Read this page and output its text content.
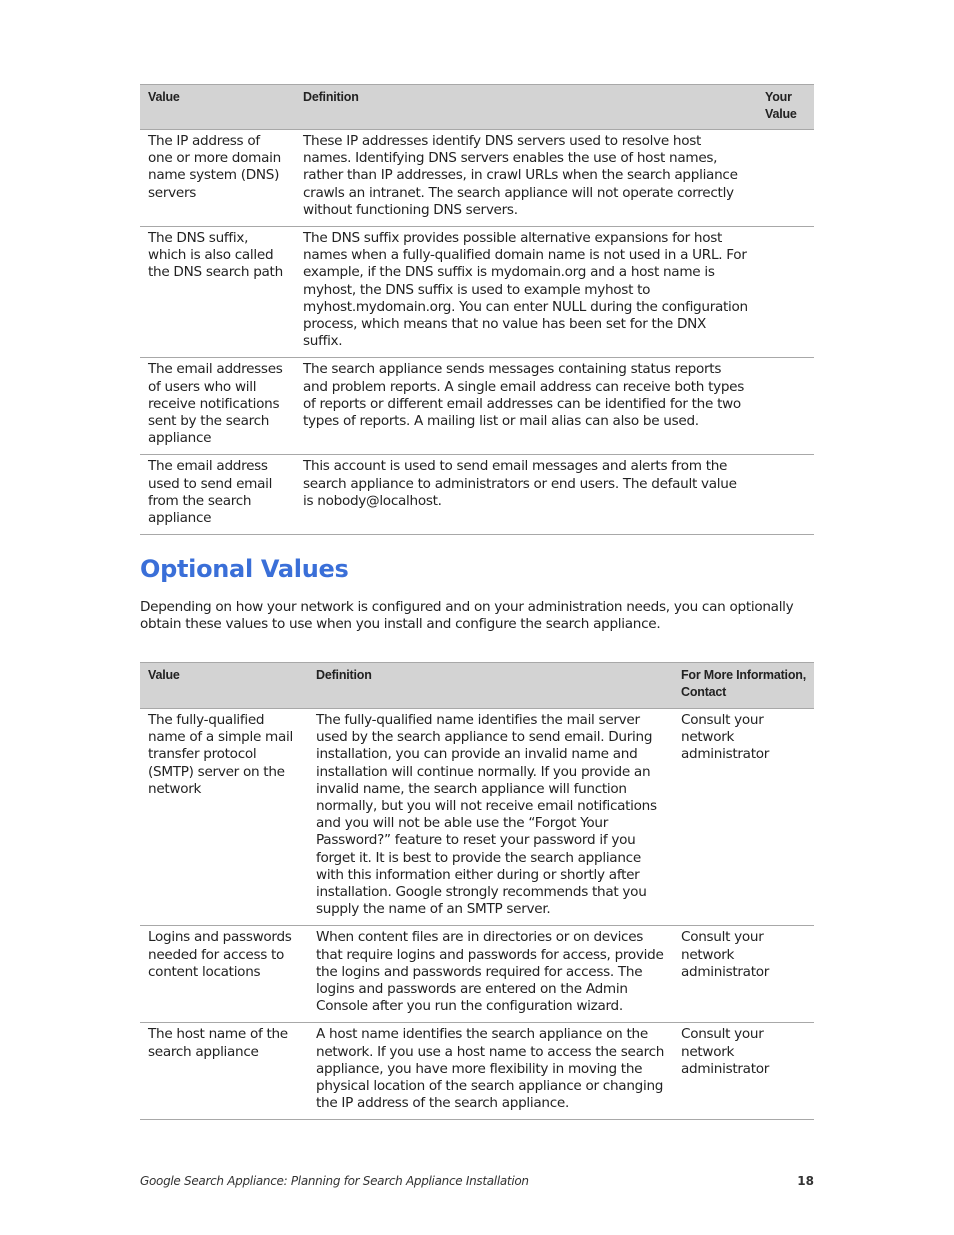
Value	Definition	Your Value
The IP address of one or more domain name system (DNS) servers	These IP addresses identify DNS servers used to resolve host names. Identifying DNS servers enables the use of host names, rather than IP addresses, in crawl URLs when the search appliance crawls an intranet. The search appliance will not operate correctly without functioning DNS servers.	
The DNS suffix, which is also called the DNS search path	The DNS suffix provides possible alternative expansions for host names when a fully-qualified domain name is not used in a URL. For example, if the DNS suffix is mydomain.org and a host name is myhost, the DNS suffix is used to example myhost to myhost.mydomain.org. You can enter NULL during the configuration process, which means that no value has been set for the DNX suffix.	
The email addresses of users who will receive notifications sent by the search appliance	The search appliance sends messages containing status reports and problem reports. A single email address can receive both types of reports or different email addresses can be identified for the two types of reports. A mailing list or mail alias can also be used.	
The email address used to send email from the search appliance	This account is used to send email messages and alerts from the search appliance to administrators or end users. The default value is nobody@localhost.	
Optional Values
Depending on how your network is configured and on your administration needs, you can optionally obtain these values to use when you install and configure the search appliance.
Value	Definition	For More Information, Contact
The fully-qualified name of a simple mail transfer protocol (SMTP) server on the network	The fully-qualified name identifies the mail server used by the search appliance to send email. During installation, you can provide an invalid name and installation will continue normally. If you provide an invalid name, the search appliance will function normally, but you will not receive email notifications and you will not be able use the “Forgot Your Password?” feature to reset your password if you forget it. It is best to provide the search appliance with this information either during or shortly after installation. Google strongly recommends that you supply the name of an SMTP server.	Consult your network administrator
Logins and passwords needed for access to content locations	When content files are in directories or on devices that require logins and passwords for access, provide the logins and passwords required for access. The logins and passwords are entered on the Admin Console after you run the configuration wizard.	Consult your network administrator
The host name of the search appliance	A host name identifies the search appliance on the network. If you use a host name to access the search appliance, you have more flexibility in moving the physical location of the search appliance or changing the IP address of the search appliance.	Consult your network administrator
Google Search Appliance: Planning for Search Appliance Installation	18
